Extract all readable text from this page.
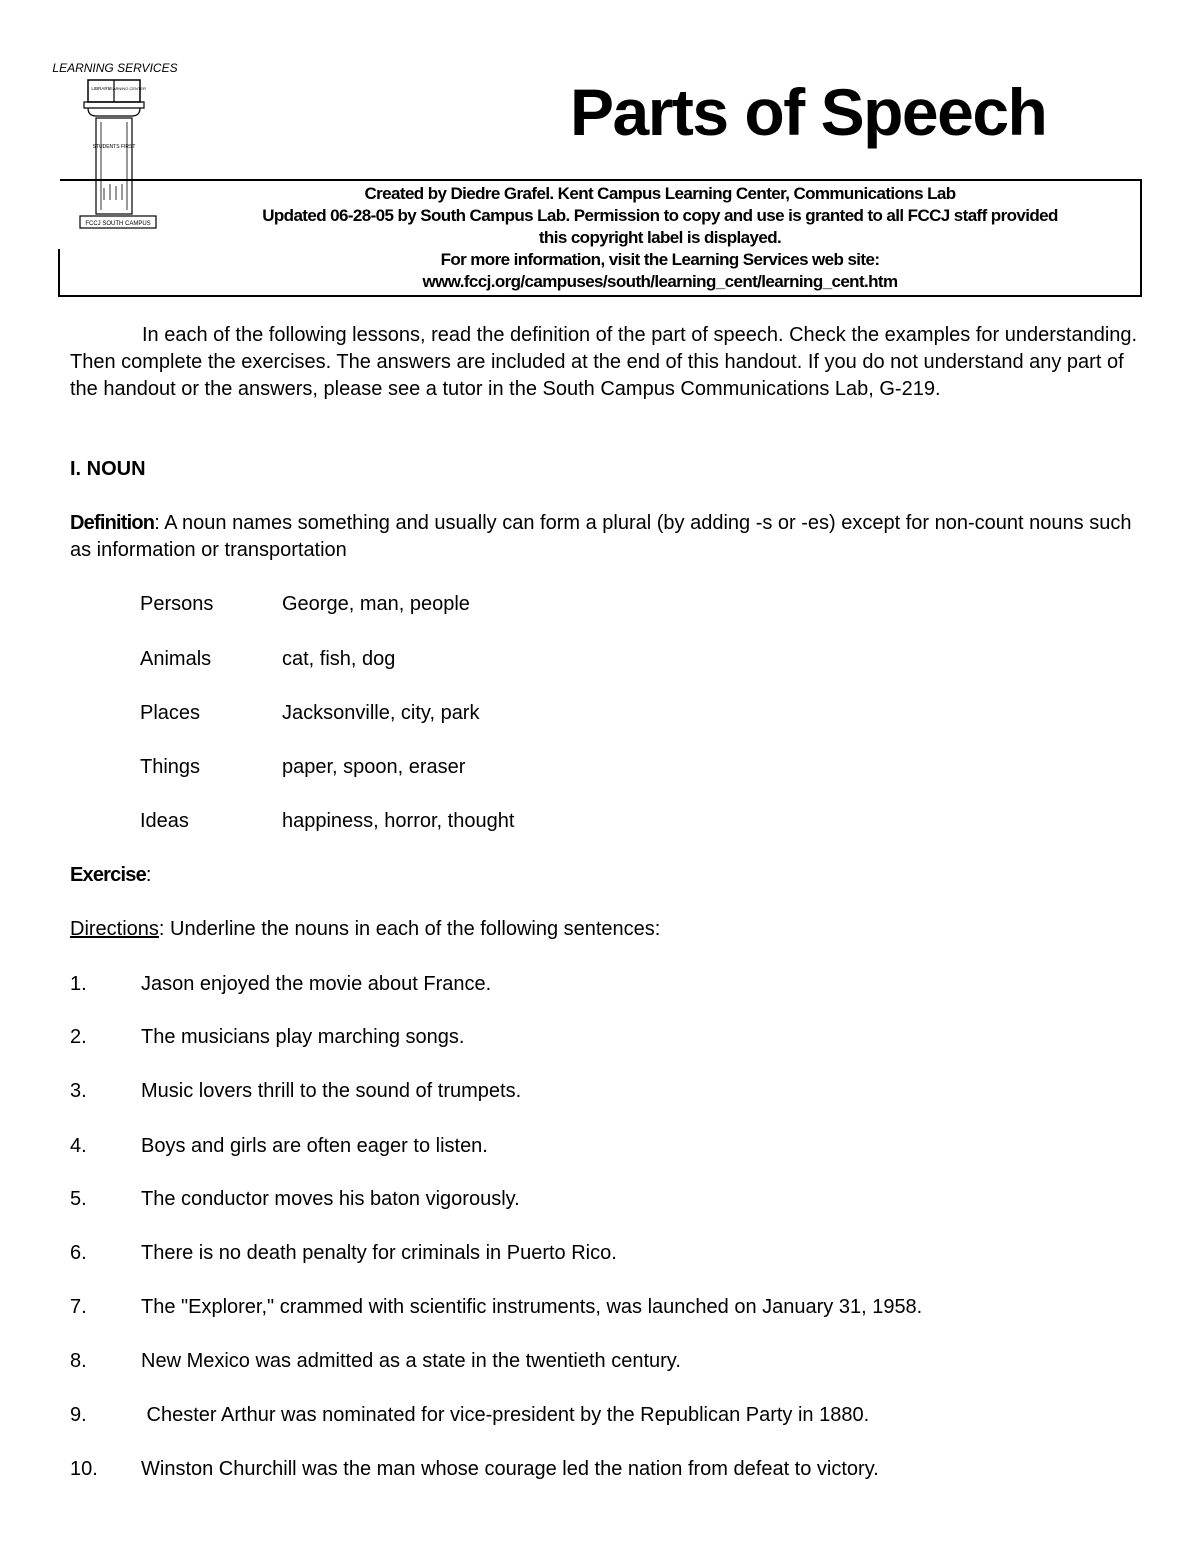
LEARNING SERVICES
LIBRARY
LEARNING CENTER
STUDENTS FIRST
FCCJ SOUTH CAMPUS
Parts of Speech
Created by Diedre Grafel. Kent Campus Learning Center, Communications Lab
Updated 06-28-05 by South Campus Lab. Permission to copy and use is granted to all FCCJ staff provided
this copyright label is displayed.
For more information, visit the Learning Services web site:
www.fccj.org/campuses/south/learning_cent/learning_cent.htm

In each of the following lessons, read the definition of the part of speech. Check the examples for understanding. Then complete the exercises. The answers are included at the end of this handout. If you do not understand any part of the handout or the answers, please see a tutor in the South Campus Communications Lab, G-219.

I. NOUN
Definition: A noun names something and usually can form a plural (by adding -s or -es) except for non-count nouns such as information or transportation
Persons	George, man, people
Animals	cat, fish, dog
Places	Jacksonville, city, park
Things	paper, spoon, eraser
Ideas	happiness, horror, thought
Exercise:
Directions: Underline the nouns in each of the following sentences:
1.	Jason enjoyed the movie about France.
2.	The musicians play marching songs.
3.	Music lovers thrill to the sound of trumpets.
4.	Boys and girls are often eager to listen.
5.	The conductor moves his baton vigorously.
6.	There is no death penalty for criminals in Puerto Rico.
7.	The "Explorer," crammed with scientific instruments, was launched on January 31, 1958.
8.	New Mexico was admitted as a state in the twentieth century.
9.	Chester Arthur was nominated for vice-president by the Republican Party in 1880.
10. Winston Churchill was the man whose courage led the nation from defeat to victory.
